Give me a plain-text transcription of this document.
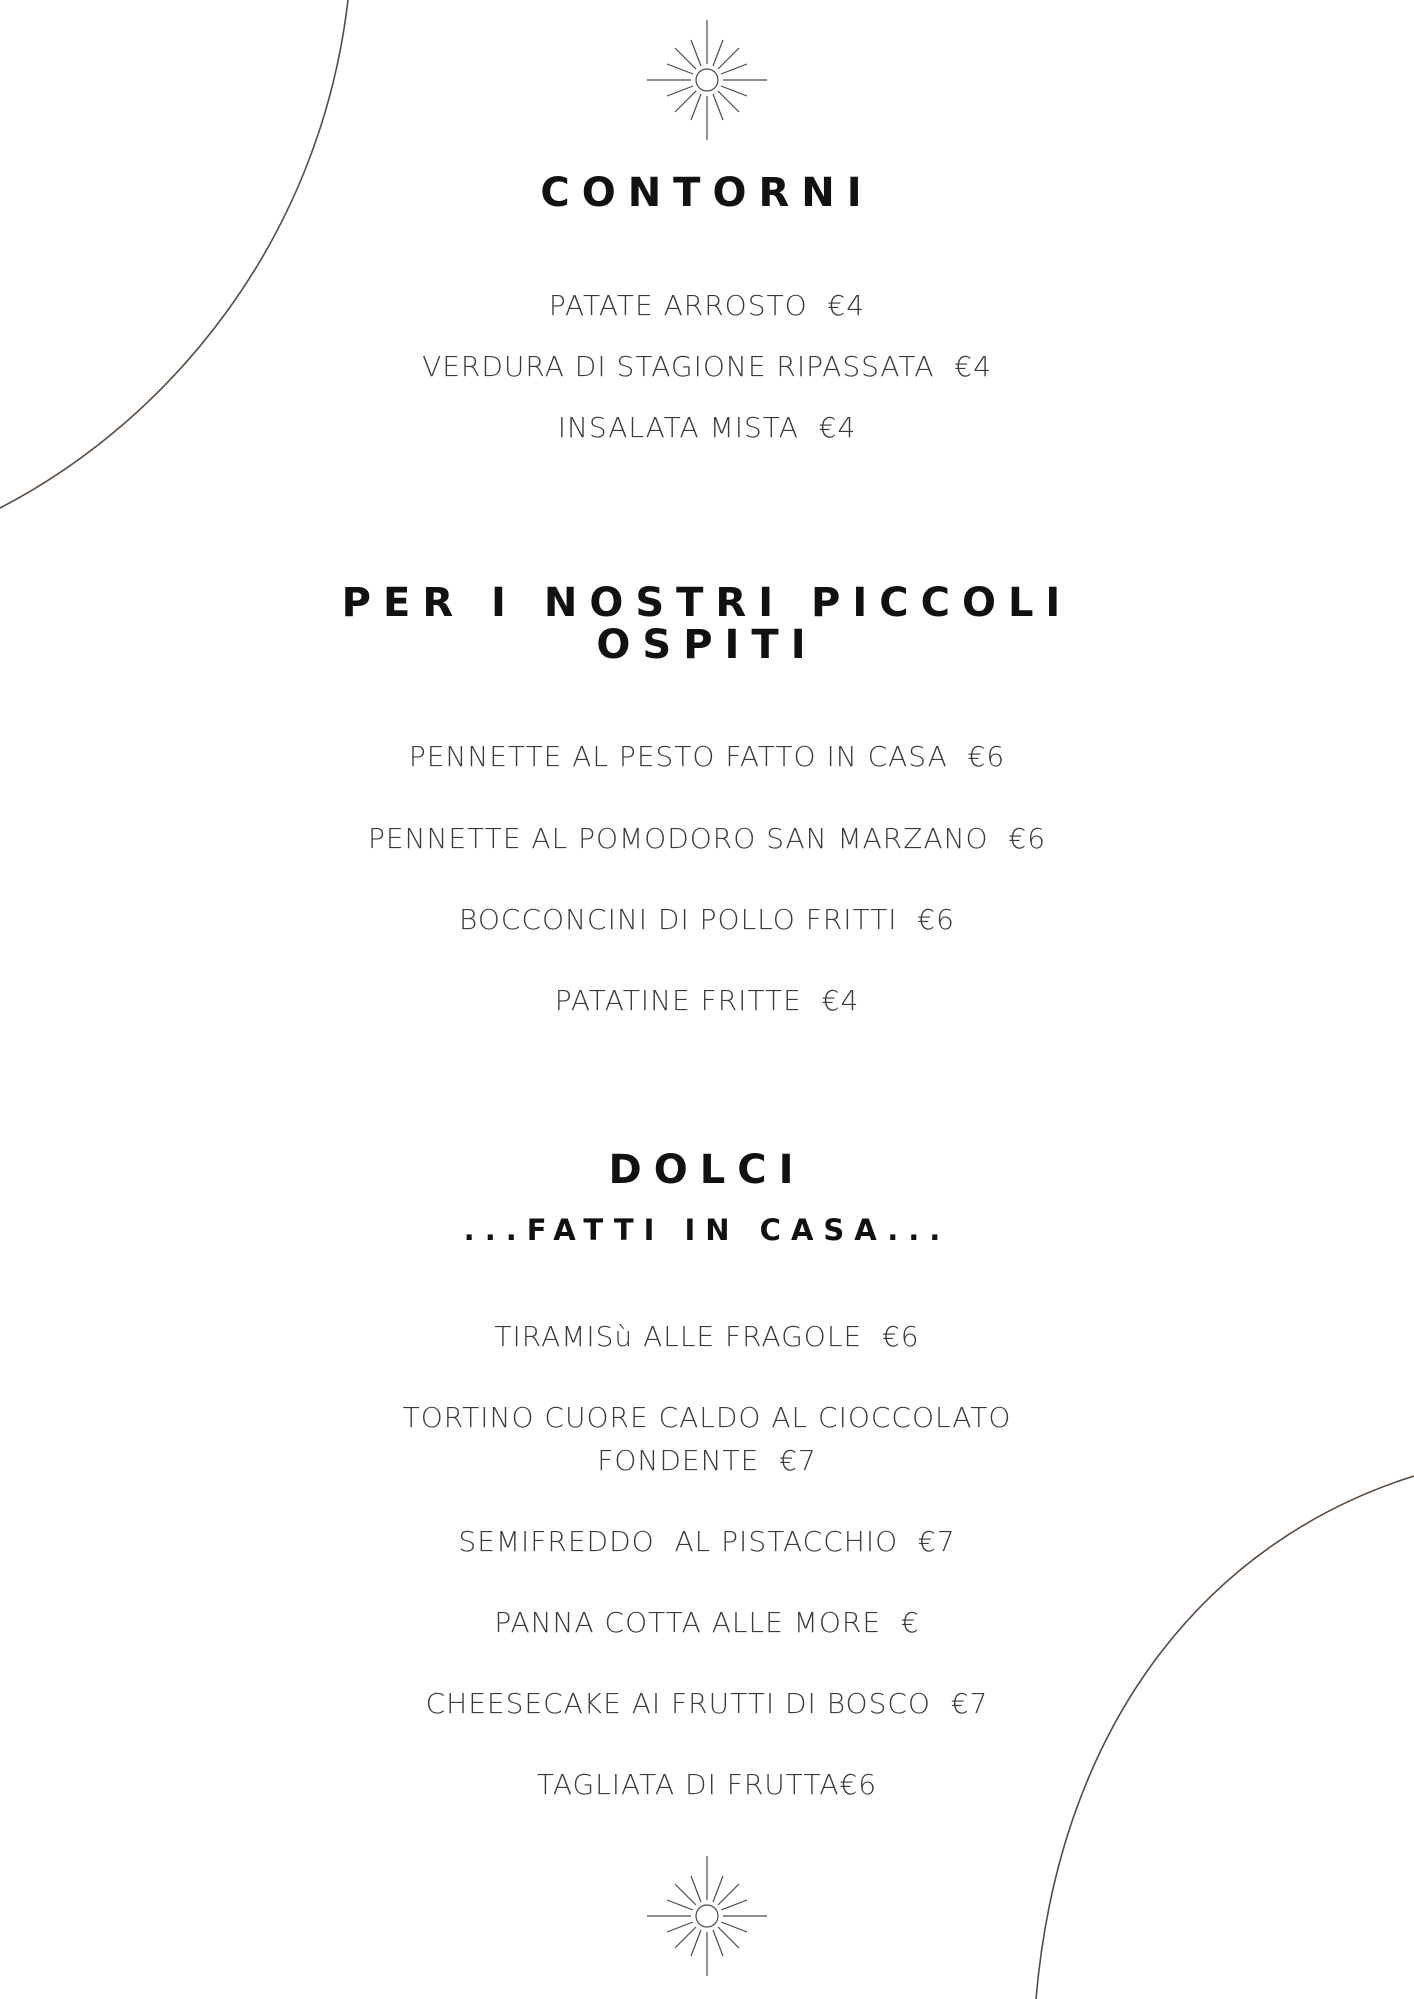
CONTORNI

PATATE ARROSTO  €4

VERDURA DI STAGIONE RIPASSATA  €4

INSALATA MISTA  €4

PER I NOSTRI PICCOLI
OSPITI

PENNETTE AL PESTO FATTO IN CASA  €6

PENNETTE AL POMODORO SAN MARZANO  €6

BOCCONCINI DI POLLO FRITTI  €6

PATATINE FRITTE  €4

DOLCI
...FATTI IN CASA...

TIRAMISù ALLE FRAGOLE  €6

TORTINO CUORE CALDO AL CIOCCOLATO

FONDENTE  €7

SEMIFREDDO  AL PISTACCHIO  €7

PANNA COTTA ALLE MORE  €

CHEESECAKE AI FRUTTI DI BOSCO  €7

TAGLIATA DI FRUTTA€6
